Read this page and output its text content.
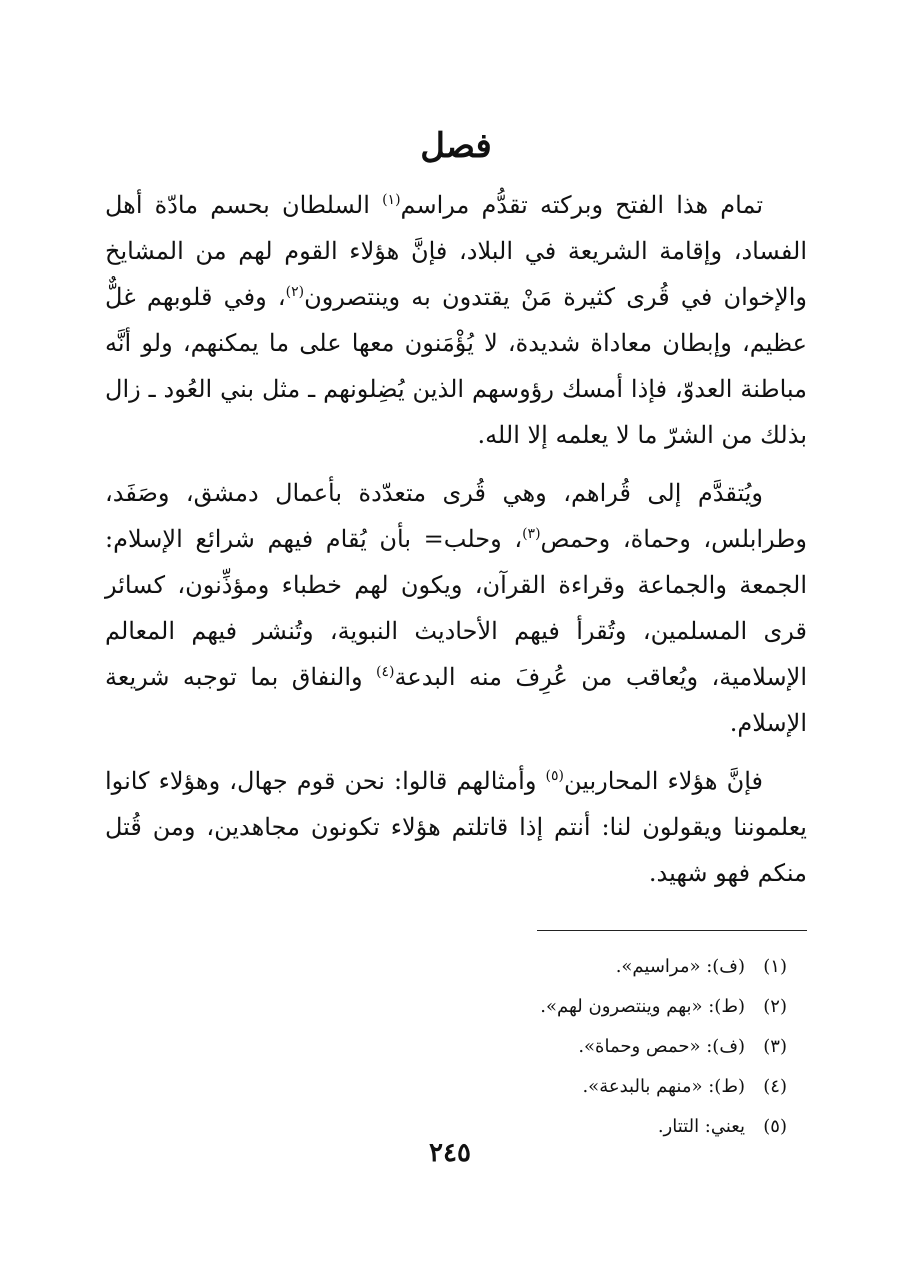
فصل

تمام هذا الفتح وبركته تقدُّم مراسم$^{(١)}$ السلطان بحسم مادّة أهل الفساد، وإقامة الشريعة في البلاد، فإنَّ هؤلاء القوم لهم من المشايخ والإخوان في قُرى كثيرة مَنْ يقتدون به وينتصرون$^{(٢)}$، وفي قلوبهم غلٌّ عظيم، وإبطان معاداة شديدة، لا يُؤْمَنون معها على ما يمكنهم، ولو أنَّه مباطنة العدوّ، فإذا أمسك رؤوسهم الذين يُضِلونهم ـ مثل بني العُود ـ زال بذلك من الشرّ ما لا يعلمه إلا الله.

ويُتقدَّم إلى قُراهم، وهي قُرى متعدّدة بأعمال دمشق، وصَفَد، وطرابلس، وحماة، وحمص$^{(٣)}$، وحلب= بأن يُقام فيهم شرائع الإسلام: الجمعة والجماعة وقراءة القرآن، ويكون لهم خطباء ومؤذِّنون، كسائر قرى المسلمين، وتُقرأ فيهم الأحاديث النبوية، وتُنشر فيهم المعالم الإسلامية، ويُعاقب من عُرِفَ منه البدعة$^{(٤)}$ والنفاق بما توجبه شريعة الإسلام.

فإنَّ هؤلاء المحاربين$^{(٥)}$ وأمثالهم قالوا: نحن قوم جهال، وهؤلاء كانوا يعلموننا ويقولون لنا: أنتم إذا قاتلتم هؤلاء تكونون مجاهدين، ومن قُتل منكم فهو شهيد.

(١)(ف): «مراسيم».

(٢)(ط): «بهم وينتصرون لهم».

(٣)(ف): «حمص وحماة».

(٤)(ط): «منهم بالبدعة».

(٥)يعني: التتار.

٢٤٥
